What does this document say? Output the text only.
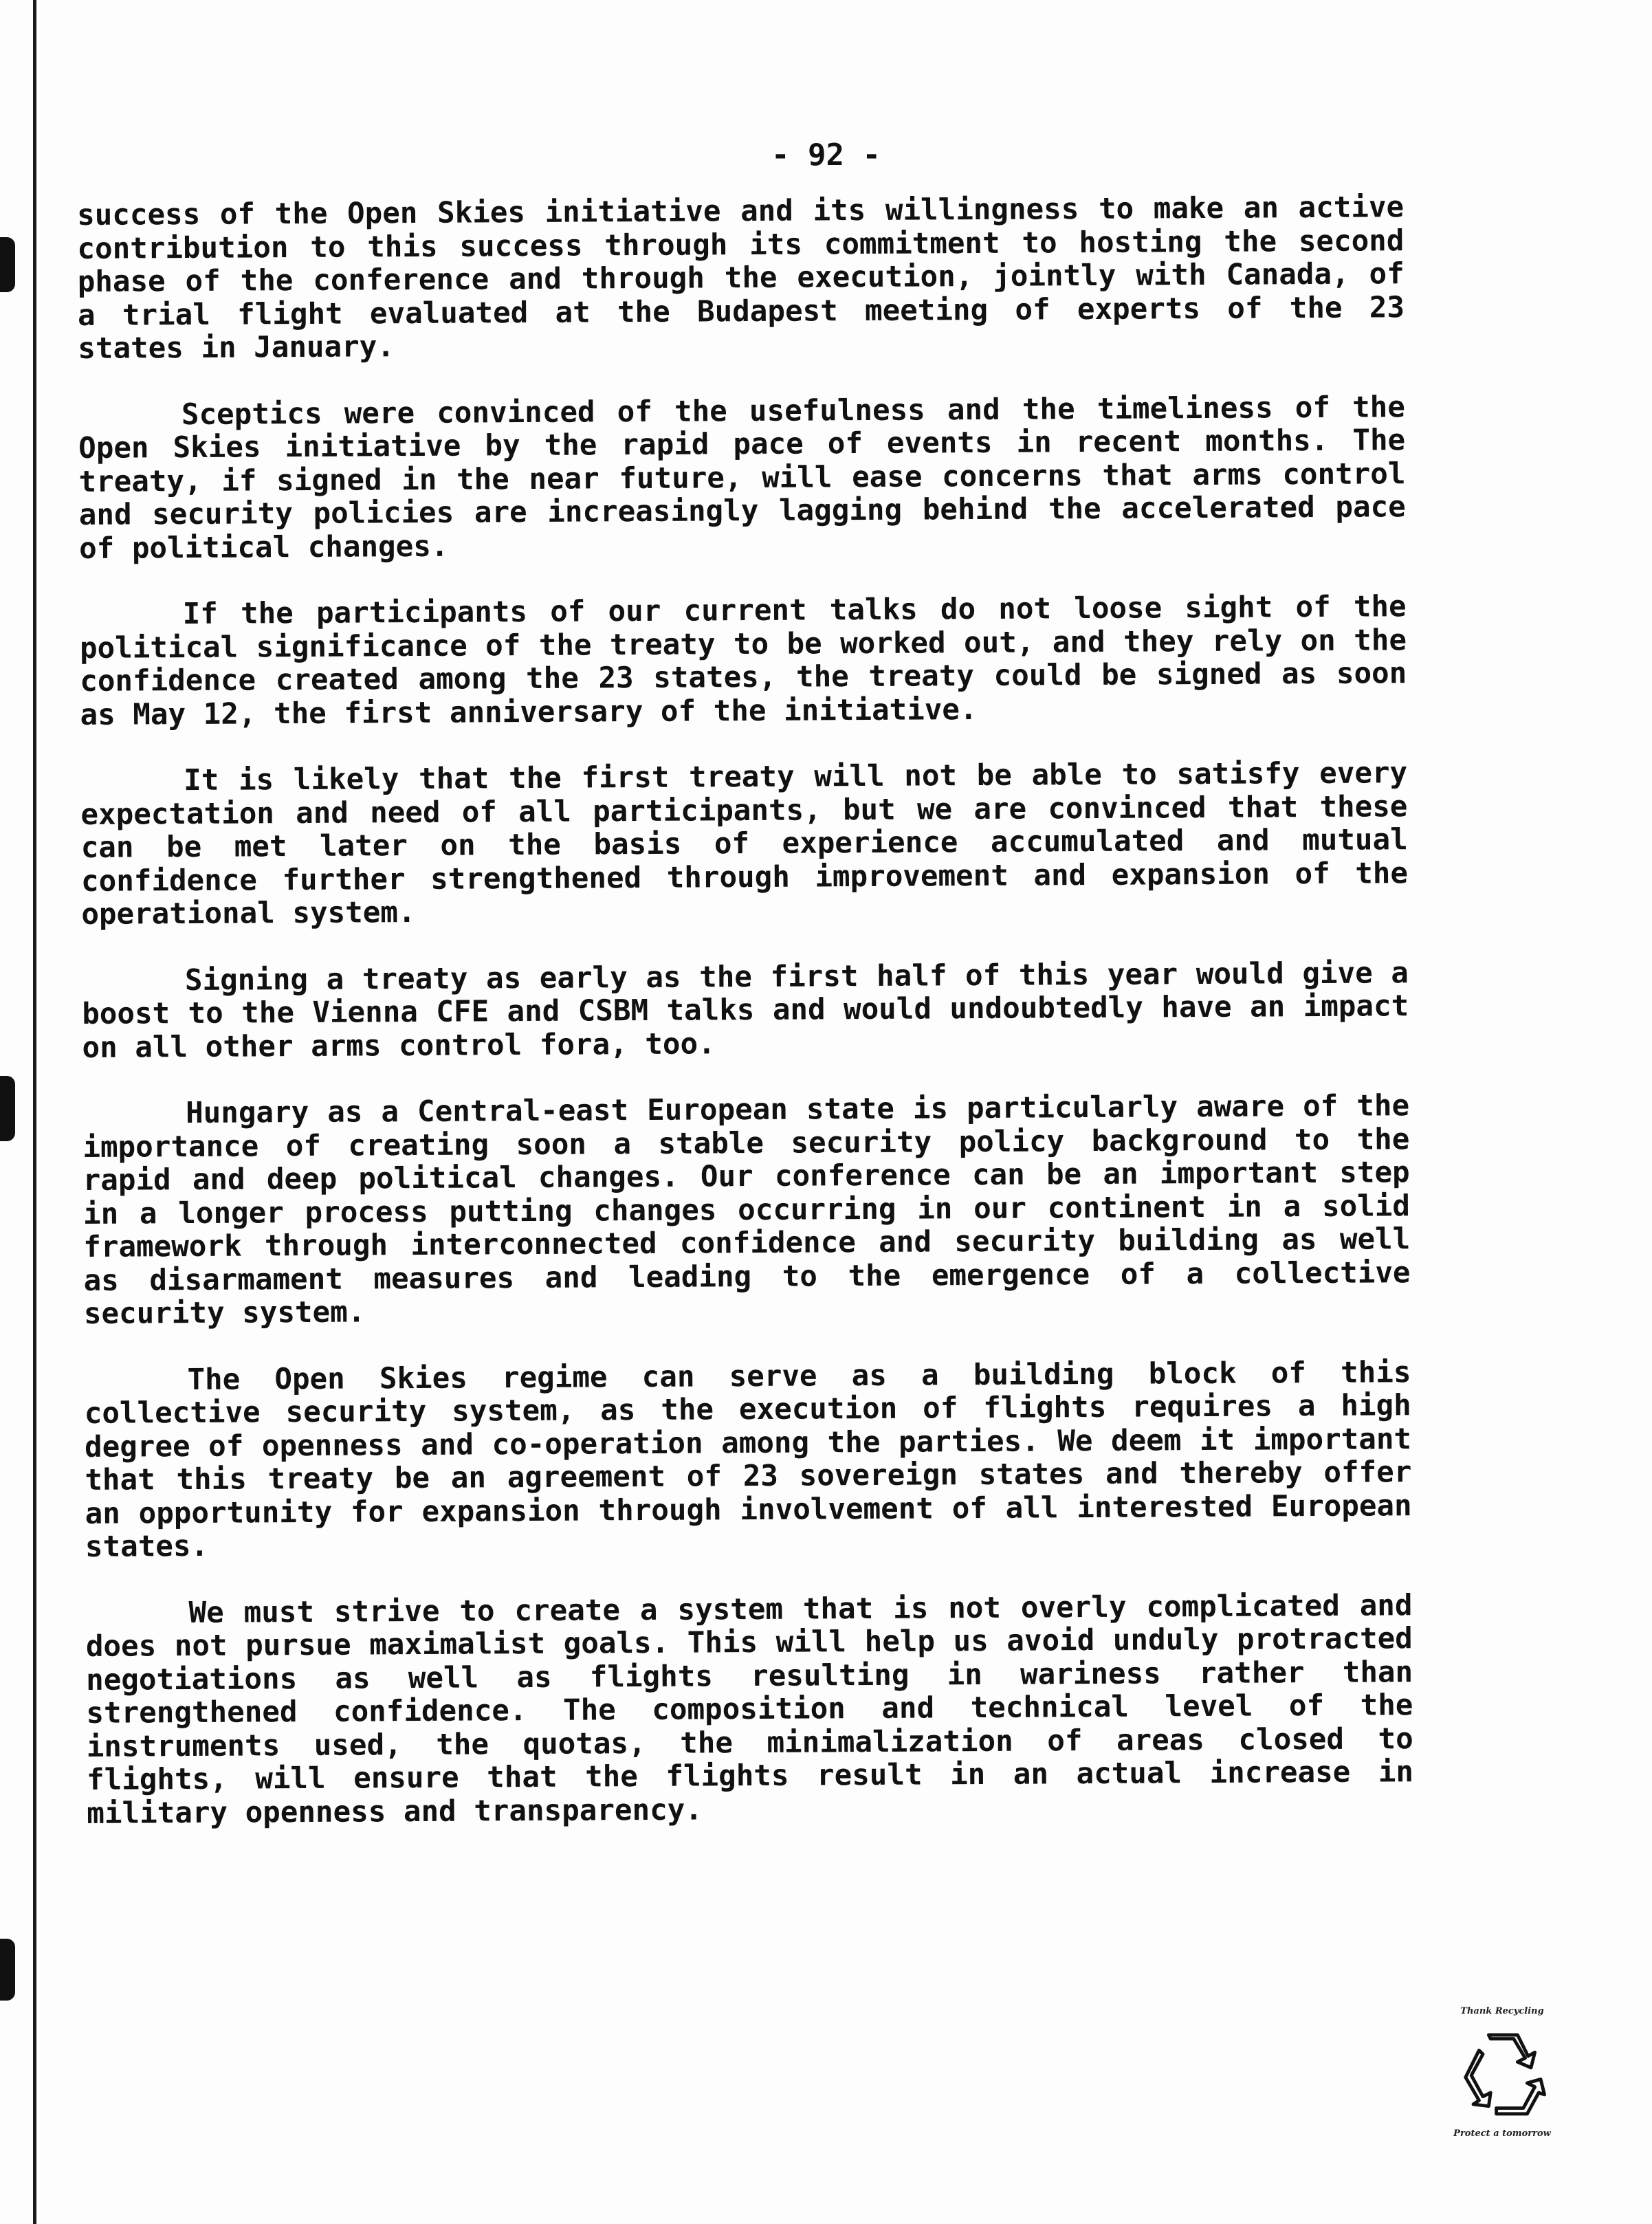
- 92 -

success of the Open Skies initiative and its willingness to make an active contribution to this success through its commitment to hosting the second phase of the conference and through the execution, jointly with Canada, of a trial flight evaluated at the Budapest meeting of experts of the 23 states in January.

Sceptics were convinced of the usefulness and the timeliness of the Open Skies initiative by the rapid pace of events in recent months. The treaty, if signed in the near future, will ease concerns that arms control and security policies are increasingly lagging behind the accelerated pace of political changes.

If the participants of our current talks do not loose sight of the political significance of the treaty to be worked out, and they rely on the confidence created among the 23 states, the treaty could be signed as soon as May 12, the first anniversary of the initiative.

It is likely that the first treaty will not be able to satisfy every expectation and need of all participants, but we are convinced that these can be met later on the basis of experience accumulated and mutual confidence further strengthened through improvement and expansion of the operational system.

Signing a treaty as early as the first half of this year would give a boost to the Vienna CFE and CSBM talks and would undoubtedly have an impact on all other arms control fora, too.

Hungary as a Central-east European state is particularly aware of the importance of creating soon a stable security policy background to the rapid and deep political changes. Our conference can be an important step in a longer process putting changes occurring in our continent in a solid framework through interconnected confidence and security building as well as disarmament measures and leading to the emergence of a collective security system.

The Open Skies regime can serve as a building block of this collective security system, as the execution of flights requires a high degree of openness and co-operation among the parties. We deem it important that this treaty be an agreement of 23 sovereign states and thereby offer an opportunity for expansion through involvement of all interested European states.

We must strive to create a system that is not overly complicated and does not pursue maximalist goals. This will help us avoid unduly protracted negotiations as well as flights resulting in wariness rather than strengthened confidence. The composition and technical level of the instruments used, the quotas, the minimalization of areas closed to flights, will ensure that the flights result in an actual increase in military openness and transparency.

Thank Recycling
Protect a tomorrow
